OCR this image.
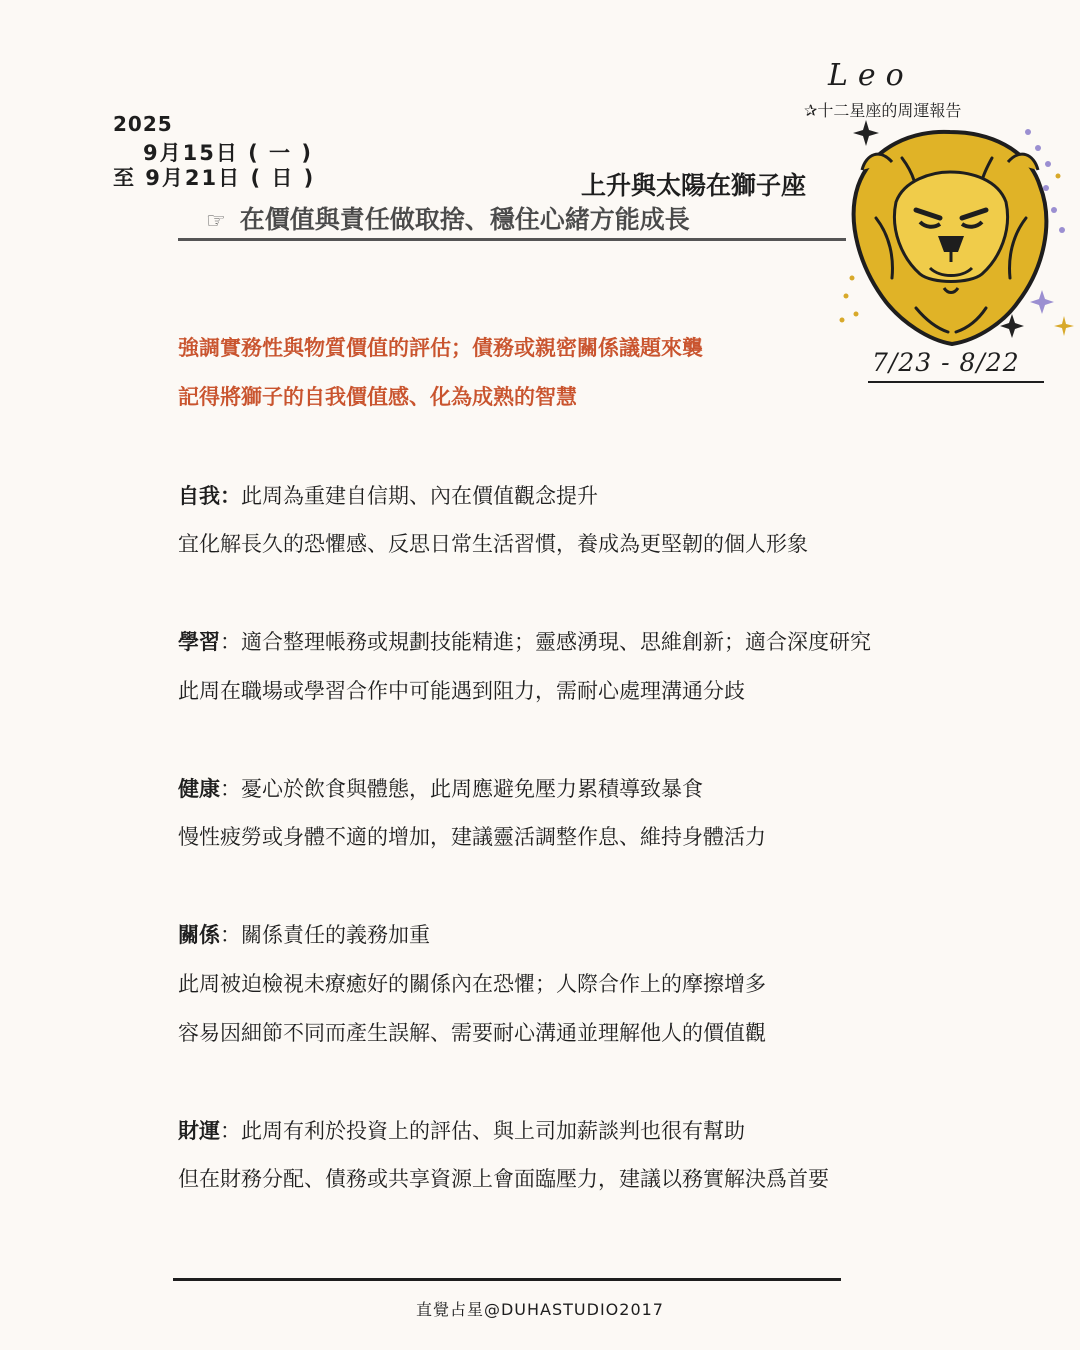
2025
9月15日 ( 一 )
至 9月21日 ( 日 )
Leo
✰十二星座的周運報告
7/23 - 8/22
上升與太陽在獅子座
☞ 在價值與責任做取捨、穩住心緒方能成長
強調實務性與物質價值的評估；債務或親密關係議題來襲
記得將獅子的自我價值感、化為成熟的智慧
自我：此周為重建自信期、內在價值觀念提升
宜化解長久的恐懼感、反思日常生活習慣，養成為更堅韌的個人形象
學習：適合整理帳務或規劃技能精進；靈感湧現、思維創新；適合深度研究
此周在職場或學習合作中可能遇到阻力，需耐心處理溝通分歧
健康：憂心於飲食與體態，此周應避免壓力累積導致暴食
慢性疲勞或身體不適的增加，建議靈活調整作息、維持身體活力
關係：關係責任的義務加重
此周被迫檢視未療癒好的關係內在恐懼；人際合作上的摩擦增多
容易因細節不同而產生誤解、需要耐心溝通並理解他人的價值觀
財運：此周有利於投資上的評估、與上司加薪談判也很有幫助
但在財務分配、債務或共享資源上會面臨壓力，建議以務實解決爲首要
直覺占星@DUHASTUDIO2017
